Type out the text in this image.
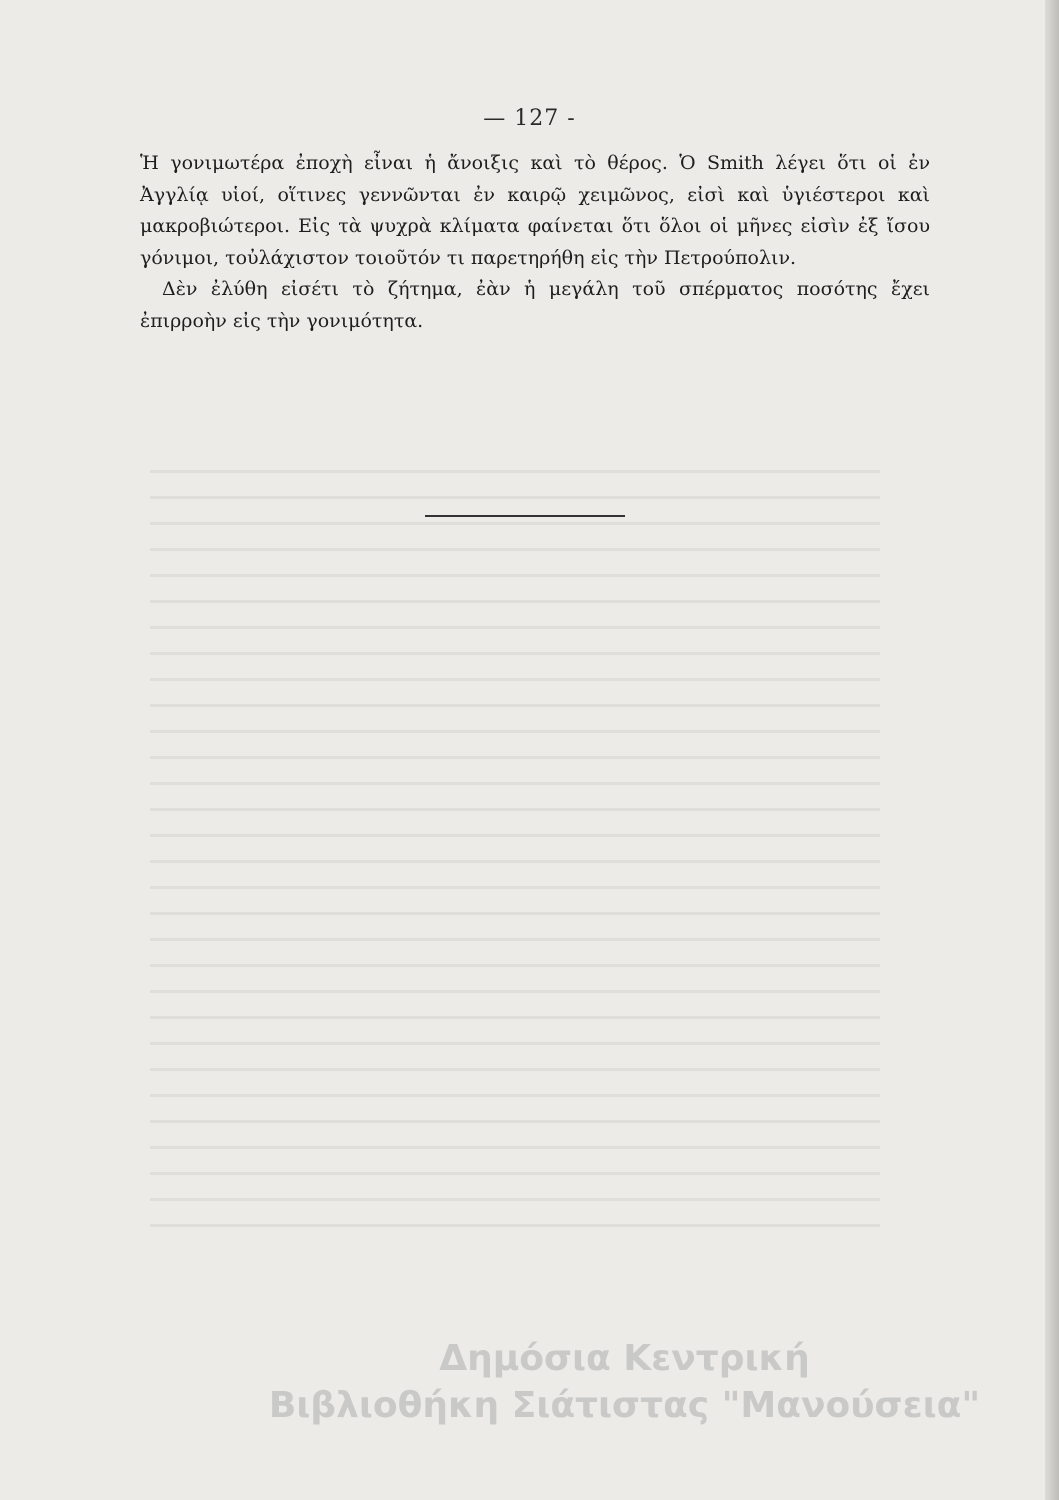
— 127 -

Ἡ γονιμωτέρα ἐποχὴ εἶναι ἡ ἄνοιξις καὶ τὸ θέρος. Ὁ Smith λέγει ὅτι οἱ ἐν Ἀγγλίᾳ υἱοί, οἵτινες γεννῶνται ἐν καιρῷ χειμῶνος, εἰσὶ καὶ ὑγιέστεροι καὶ μακροβιώτεροι. Εἰς τὰ ψυχρὰ κλίματα φαίνεται ὅτι ὅλοι οἱ μῆνες εἰσὶν ἐξ ἴσου γόνιμοι, τοὐλάχιστον τοιοῦτόν τι παρετηρήθη εἰς τὴν Πετρούπολιν.

Δὲν ἐλύθη εἰσέτι τὸ ζήτημα, ἐὰν ἡ μεγάλη τοῦ σπέρματος ποσότης ἔχει ἐπιρροὴν εἰς τὴν γονιμότητα.

Δημόσια Κεντρική
Βιβλιοθήκη Σιάτιστας "Μανούσεια"
